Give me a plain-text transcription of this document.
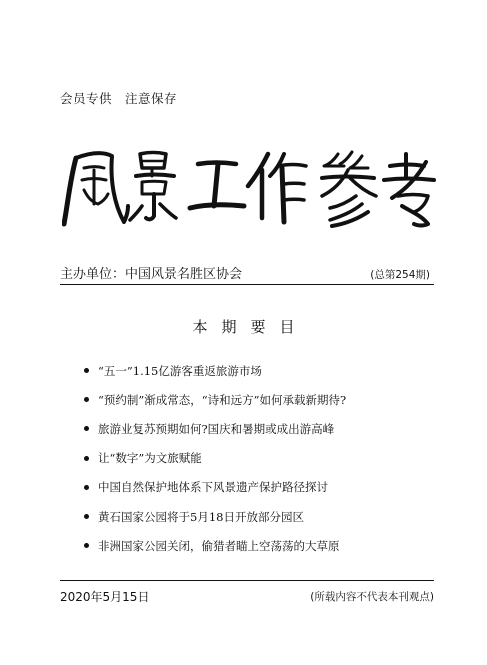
会员专供　注意保存
主办单位：中国风景名胜区协会	(总第254期)
本期要目
“五一”1.15亿游客重返旅游市场
“预约制”渐成常态，“诗和远方”如何承载新期待?
旅游业复苏预期如何?国庆和暑期或成出游高峰
让“数字”为文旅赋能
中国自然保护地体系下风景遗产保护路径探讨
黄石国家公园将于5月18日开放部分园区
非洲国家公园关闭，偷猎者瞄上空荡荡的大草原
2020年5月15日	(所载内容不代表本刊观点)
